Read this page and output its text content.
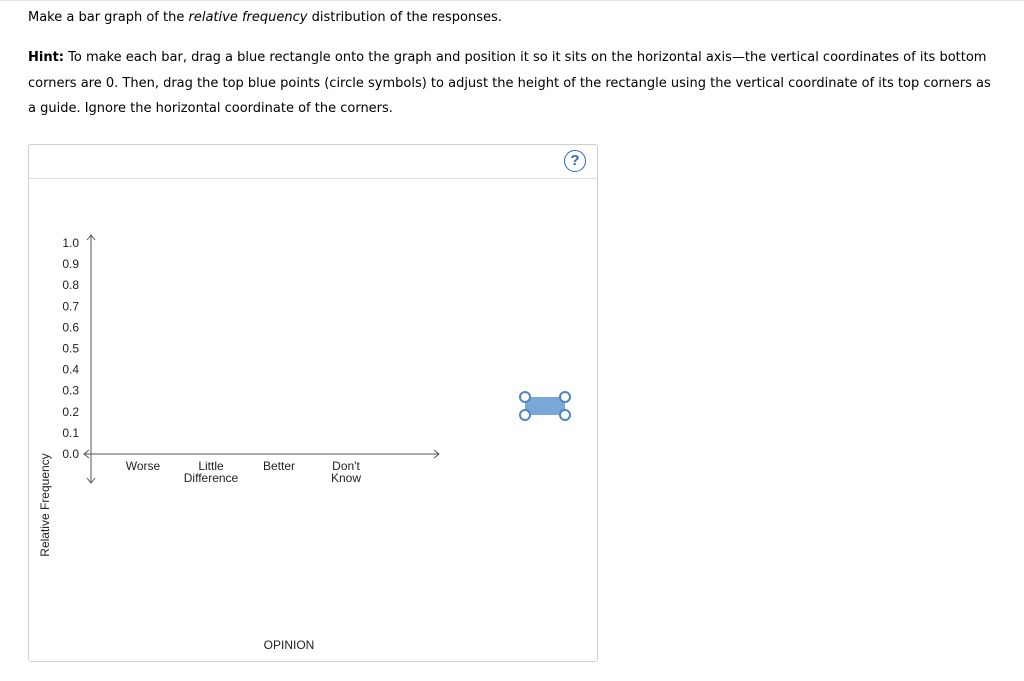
Make a bar graph of the relative frequency distribution of the responses.
Hint: To make each bar, drag a blue rectangle onto the graph and position it so it sits on the horizontal axis—the vertical coordinates of its bottom corners are 0. Then, drag the top blue points (circle symbols) to adjust the height of the rectangle using the vertical coordinate of its top corners as a guide. Ignore the horizontal coordinate of the corners.
?
0.0
0.1
0.2
0.3
0.4
0.5
0.6
0.7
0.8
0.9
1.0
Relative Frequency
OPINION
Worse	Little
Difference
Better	Don't
Know
